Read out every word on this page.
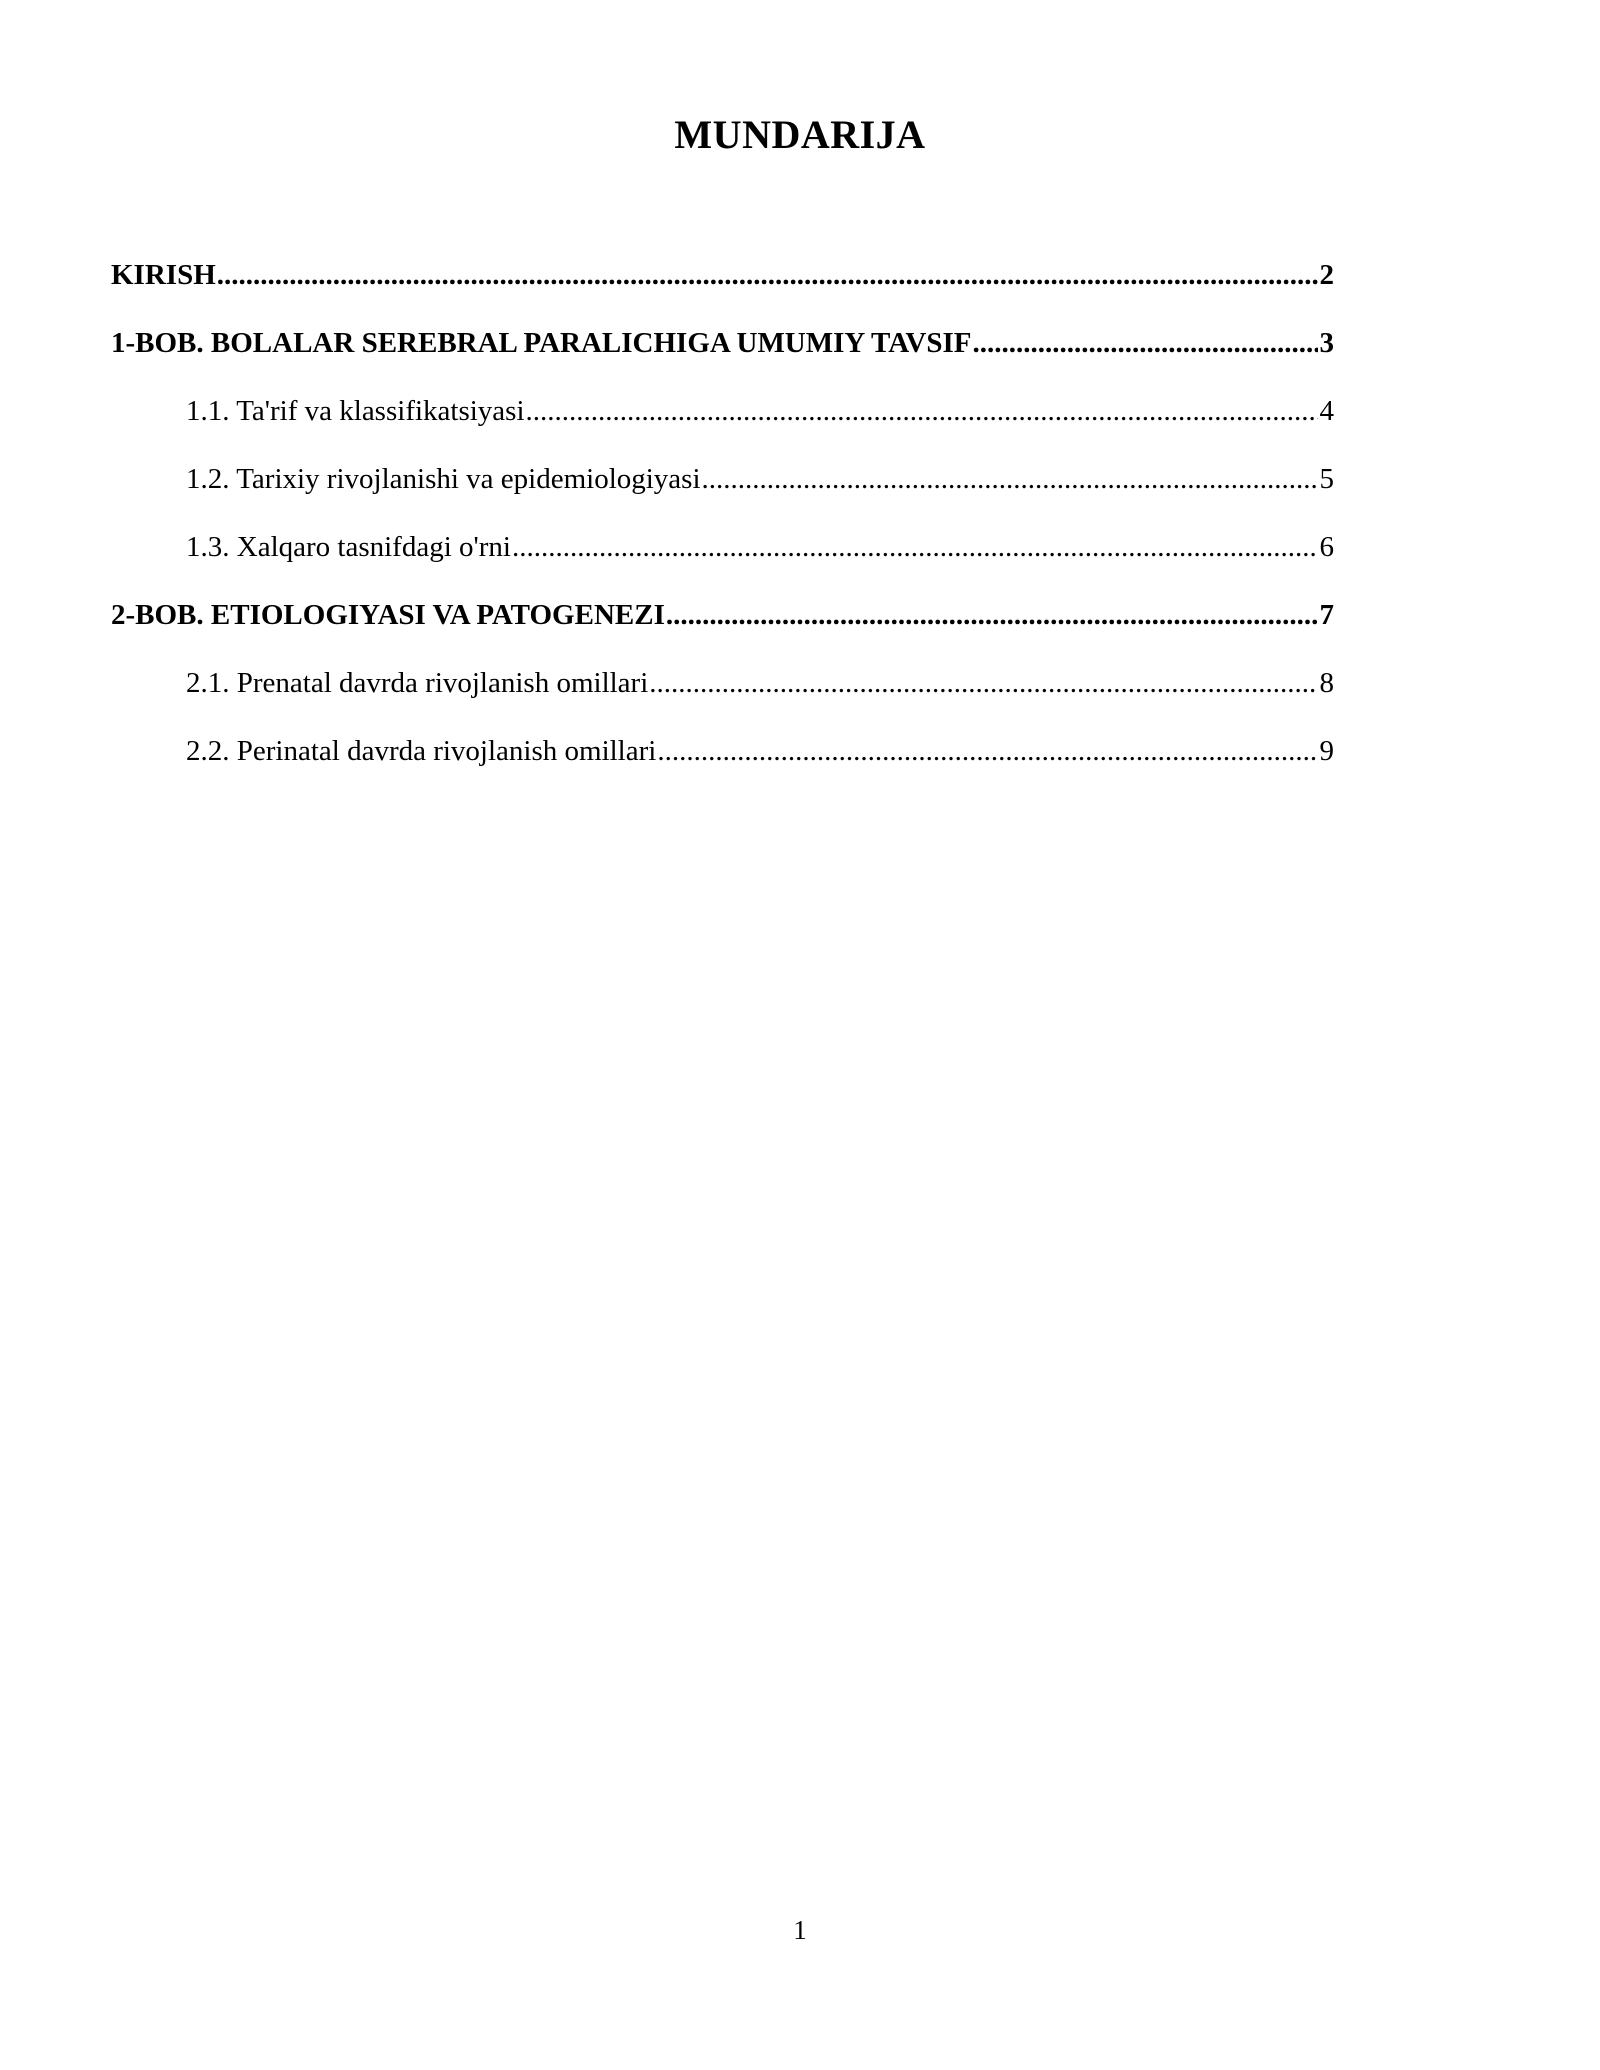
MUNDARIJA
KIRISH .....	2
1-BOB. BOLALAR SEREBRAL PARALICHIGA UMUMIY TAVSIF .....	3
1.1. Ta'rif va klassifikatsiyasi .....	4
1.2. Tarixiy rivojlanishi va epidemiologiyasi .....	5
1.3. Xalqaro tasnifdagi o'rni .....	6
2-BOB. ETIOLOGIYASI VA PATOGENEZI .....	7
2.1. Prenatal davrda rivojlanish omillari .....	8
2.2. Perinatal davrda rivojlanish omillari .....	9
1
